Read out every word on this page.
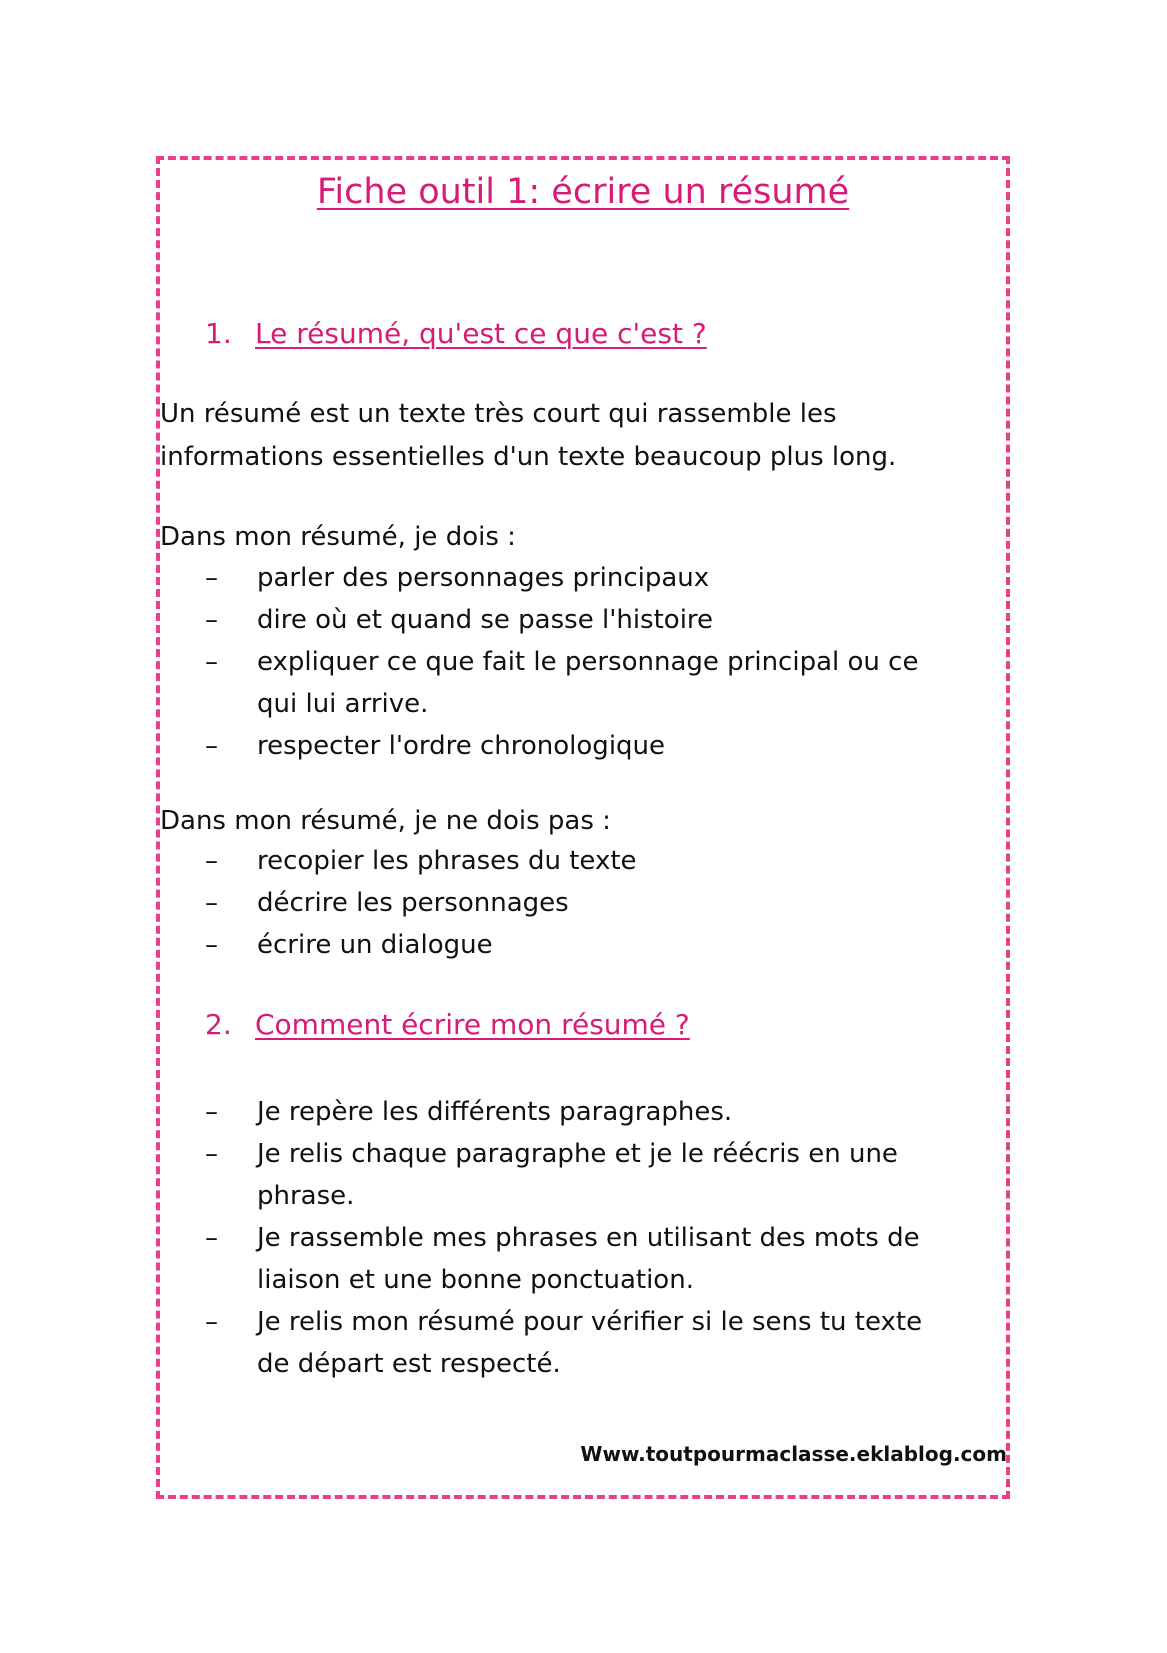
Fiche outil 1: écrire un résumé
1. Le résumé, qu'est ce que c'est ?

Un résumé est un texte très court qui rassemble les

informations essentielles d'un texte beaucoup plus long.

Dans mon résumé, je dois :

– parler des personnages principaux
– dire où et quand se passe l'histoire
– expliquer ce que fait le personnage principal ou ce
qui lui arrive.
– respecter l'ordre chronologique

Dans mon résumé, je ne dois pas :

– recopier les phrases du texte
– décrire les personnages
– écrire un dialogue
2. Comment écrire mon résumé ?
– Je repère les différents paragraphes.
– Je relis chaque paragraphe et je le réécris en une
phrase.
– Je rassemble mes phrases en utilisant des mots de
liaison et une bonne ponctuation.
– Je relis mon résumé pour vérifier si le sens tu texte
de départ est respecté.
Www.toutpourmaclasse.eklablog.com
